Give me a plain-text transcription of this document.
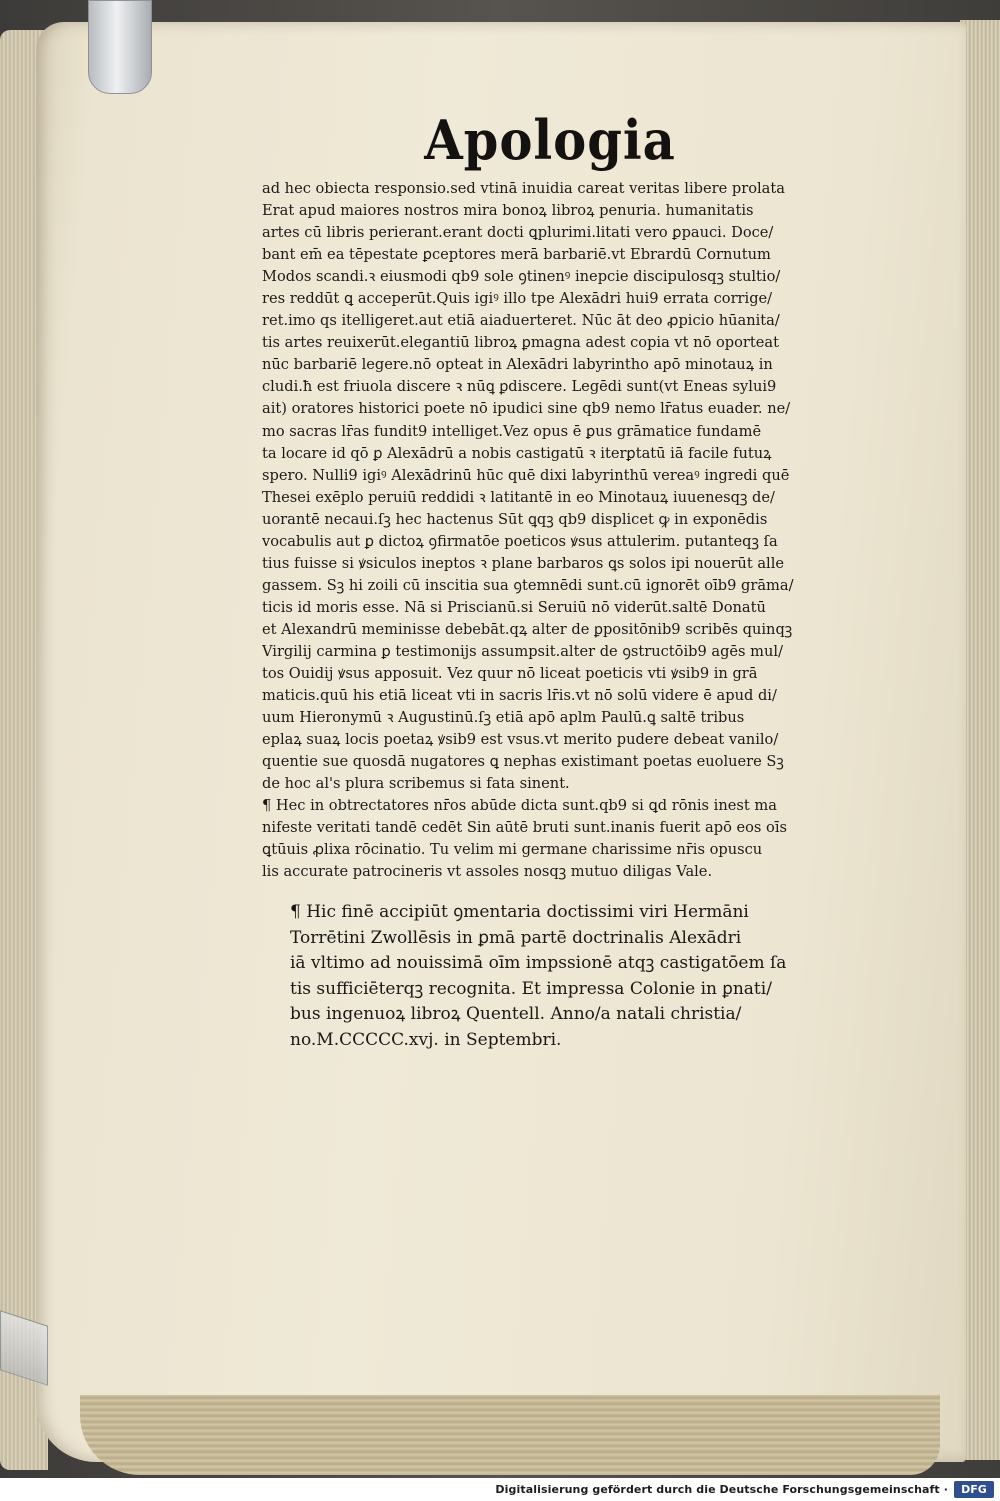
Apologia
ad hec obiecta responsio.sed vtinā inuidia careat veritas libere prolata
Erat apud maiores nostros mira bonoꝝ libroꝝ penuria. humanitatis
artes cū libris perierant.erant docti ꝗplurimi.litati vero ꝑpauci. Doce/
bant em̄ ea tēpestate ꝑceptores merā barbariē.vt Ebrardū Cornutum
Modos scandi.ꝛ eiusmodi qb9 sole ꝯtinenꝰ inepcie discipulosqꝫ stultio/
res reddūt ꝗ acceperūt.Quis igiꝰ illo tpe Alexādri hui9 errata corrige/
ret.imo qs itelligeret.aut etiā aiaduerteret. Nūc āt deo ꝓpicio hūanita/
tis artes reuixerūt.elegantiū libroꝝ ꝑmagna adest copia vt nō oporteat
nūc barbariē legere.nō opteat in Alexādri labyrintho apō minotauꝝ in
cludi.ħ est friuola discere ꝛ nūꝗ ꝑdiscere. Legēdi sunt(vt Eneas sylui9
ait) oratores historici poete nō ipudici sine qb9 nemo lr̄atus euader. ne/
mo sacras lr̄as fundit9 intelliget.Vez opus ē ꝑus grāmatice fundamē
ta locare id qō ꝑ Alexādrū a nobis castigatū ꝛ iterꝑtatū iā facile futuꝝ
spero. Nulli9 igiꝰ Alexādrinū hūc quē dixi labyrinthū vereaꝰ ingredi quē
Thesei exēplo peruiū reddidi ꝛ latitantē in eo Minotauꝝ iuuenesqꝫ de/
uorantē necaui.ſꝫ hec hactenus Sūt ꝗqꝫ qb9 displicet ꝙ in exponēdis
vocabulis aut ꝑ dictoꝝ ꝯfirmatōe poeticos ꝟsus attulerim. putanteqꝫ ſa
tius fuisse si ꝟsiculos ineptos ꝛ plane barbaros ꝗs solos ipi nouerūt alle
gassem. Sꝫ hi zoili cū inscitia sua ꝯtemnēdi sunt.cū ignorēt oīb9 grāma/
ticis id moris esse. Nā si Priscianū.si Seruiū nō viderūt.saltē Donatū
et Alexandrū meminisse debebāt.qꝝ alter de ꝑpositōnib9 scribēs quinqꝫ
Virgilij carmina ꝑ testimonijs assumpsit.alter de ꝯstructōib9 agēs mul/
tos Ouidij ꝟsus apposuit. Vez quur nō liceat poeticis vti ꝟsib9 in grā
maticis.quū his etiā liceat vti in sacris lr̄is.vt nō solū videre ē apud di/
uum Hieronymū ꝛ Augustinū.ſꝫ etiā apō aplm Paulū.ꝗ saltē tribus
eplaꝝ suaꝝ locis poetaꝝ ꝟsib9 est vsus.vt merito pudere debeat vanilo/
quentie sue quosdā nugatores ꝗ nephas existimant poetas euoluere Sꝫ
de hoc al's plura scribemus si fata sinent.
¶ Hec in obtrectatores nr̄os abūde dicta sunt.qb9 si ꝗd rōnis inest ma
nifeste veritati tandē cedēt Sin aūtē bruti sunt.inanis fuerit apō eos oīs
ꝗtūuis ꝓlixa rōcinatio. Tu velim mi germane charissime nr̄is opuscu
lis accurate patrocineris vt assoles nosqꝫ mutuo diligas Vale.
¶ Hic finē accipiūt ꝯmentaria doctissimi viri Hermāni
Torrētini Zwollēsis in ꝑmā partē doctrinalis Alexādri
iā vltimo ad nouissimā oīm impssionē atqꝫ castigatōem ſa
tis sufficiēterqꝫ recognita. Et impressa Colonie in ꝑnati/
bus ingenuoꝝ libroꝝ Quentell. Anno/a natali christia/
no.M.CCCCC.xvj. in Septembri.
Digitalisierung gefördert durch die Deutsche Forschungsgemeinschaft ·	DFG
